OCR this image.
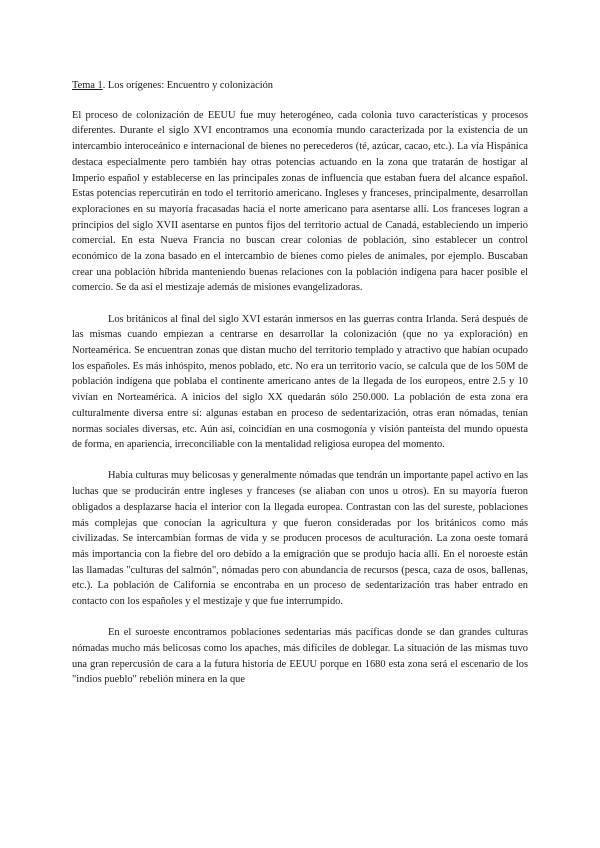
Tema 1. Los orígenes: Encuentro y colonización

El proceso de colonización de EEUU fue muy heterogéneo, cada colonia tuvo características y procesos diferentes. Durante el siglo XVI encontramos una economía mundo caracterizada por la existencia de un intercambio interoceánico e internacional de bienes no perecederos (té, azúcar, cacao, etc.). La vía Hispánica destaca especialmente pero también hay otras potencias actuando en la zona que tratarán de hostigar al Imperio español y establecerse en las principales zonas de influencia que estaban fuera del alcance español. Estas potencias repercutirán en todo el territorio americano. Ingleses y franceses, principalmente, desarrollan exploraciones en su mayoría fracasadas hacia el norte americano para asentarse allí. Los franceses logran a principios del siglo XVII asentarse en puntos fijos del territorio actual de Canadá, estableciendo un imperio comercial. En esta Nueva Francia no buscan crear colonias de población, sino establecer un control económico de la zona basado en el intercambio de bienes como pieles de animales, por ejemplo. Buscaban crear una población híbrida manteniendo buenas relaciones con la población indígena para hacer posible el comercio. Se da así el mestizaje además de misiones evangelizadoras.

Los británicos al final del siglo XVI estarán inmersos en las guerras contra Irlanda. Será después de las mismas cuando empiezan a centrarse en desarrollar la colonización (que no ya exploración) en Norteamérica. Se encuentran zonas que distan mucho del territorio templado y atractivo que habían ocupado los españoles. Es más inhóspito, menos poblado, etc. No era un territorio vacío, se calcula que de los 50M de población indígena que poblaba el continente americano antes de la llegada de los europeos, entre 2.5 y 10 vivían en Norteamérica. A inicios del siglo XX quedarán sólo 250.000. La población de esta zona era culturalmente diversa entre sí: algunas estaban en proceso de sedentarización, otras eran nómadas, tenían normas sociales diversas, etc. Aún así, coincidían en una cosmogonía y visión panteísta del mundo opuesta de forma, en apariencia, irreconciliable con la mentalidad religiosa europea del momento.

Había culturas muy belicosas y generalmente nómadas que tendrán un importante papel activo en las luchas que se producirán entre ingleses y franceses (se aliaban con unos u otros). En su mayoría fueron obligados a desplazarse hacia el interior con la llegada europea. Contrastan con las del sureste, poblaciones más complejas que conocían la agricultura y que fueron consideradas por los británicos como más civilizadas. Se intercambian formas de vida y se producen procesos de aculturación. La zona oeste tomará más importancia con la fiebre del oro debido a la emigración que se produjo hacia allí. En el noroeste están las llamadas "culturas del salmón", nómadas pero con abundancia de recursos (pesca, caza de osos, ballenas, etc.). La población de California se encontraba en un proceso de sedentarización tras haber entrado en contacto con los españoles y el mestizaje y que fue interrumpido.

En el suroeste encontramos poblaciones sedentarias más pacíficas donde se dan grandes culturas nómadas mucho más belicosas como los apaches, más difíciles de doblegar. La situación de las mismas tuvo una gran repercusión de cara a la futura historia de EEUU porque en 1680 esta zona será el escenario de los "indios pueblo" rebelión minera en la que
